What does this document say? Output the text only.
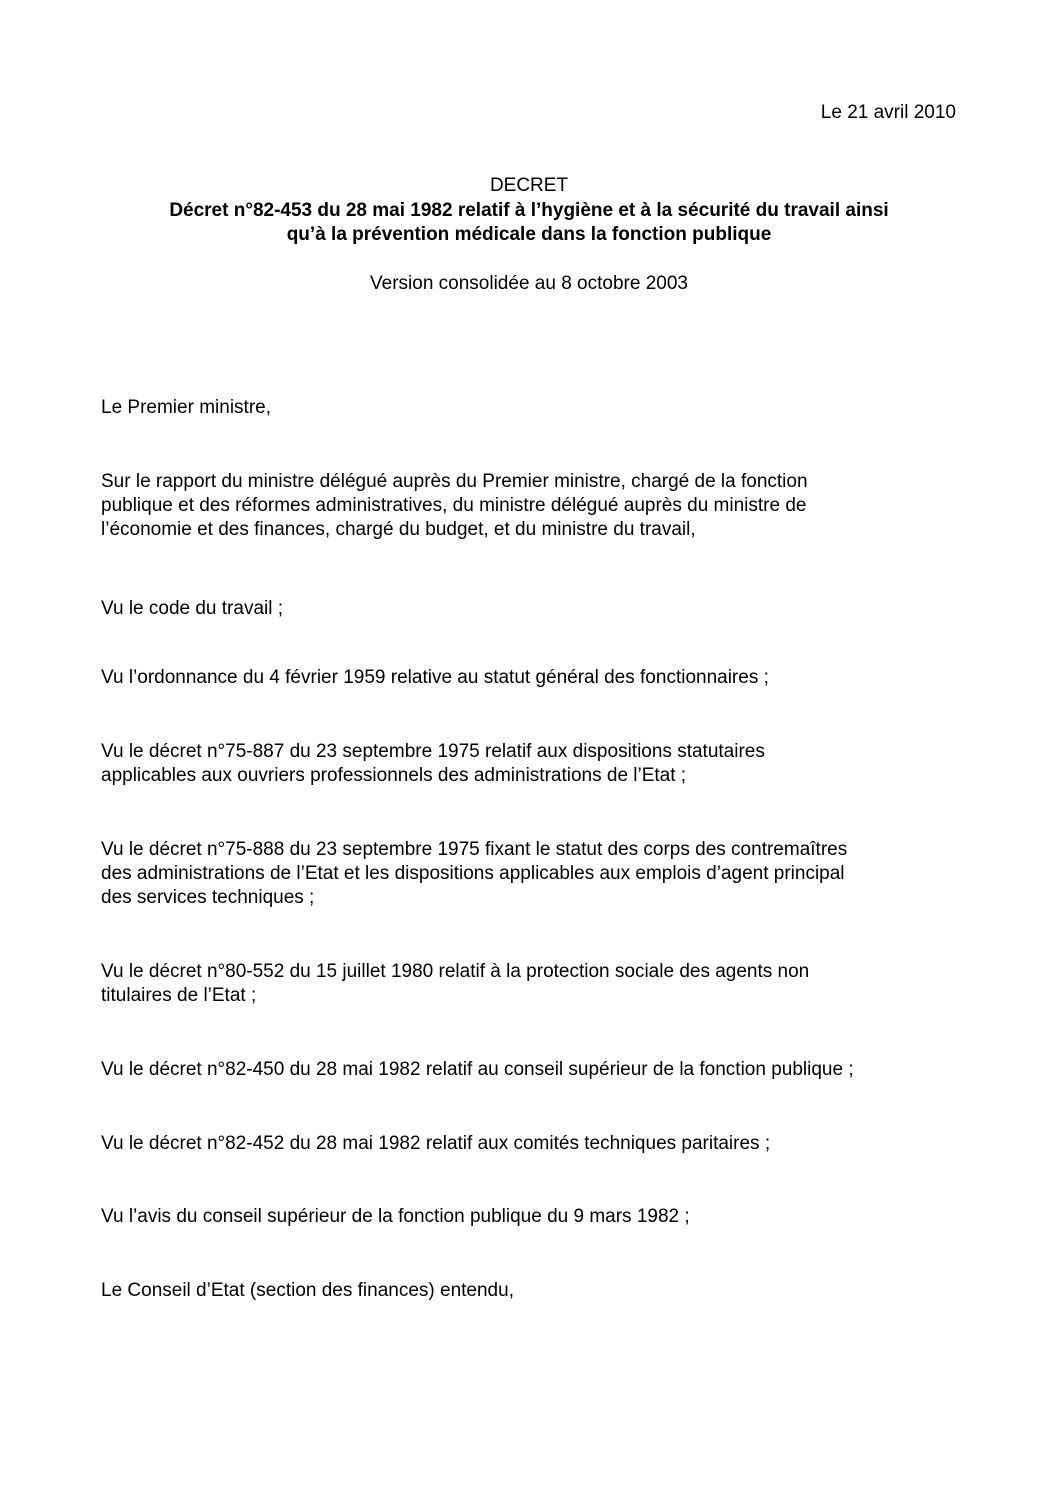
Le 21 avril 2010
DECRET
Décret n°82-453 du 28 mai 1982 relatif à l’hygiène et à la sécurité du travail ainsi
qu’à la prévention médicale dans la fonction publique
Version consolidée au 8 octobre 2003
Le Premier ministre,
Sur le rapport du ministre délégué auprès du Premier ministre, chargé de la fonction
publique et des réformes administratives, du ministre délégué auprès du ministre de
l’économie et des finances, chargé du budget, et du ministre du travail,
Vu le code du travail ;
Vu l’ordonnance du 4 février 1959 relative au statut général des fonctionnaires ;
Vu le décret n°75-887 du 23 septembre 1975 relatif aux dispositions statutaires
applicables aux ouvriers professionnels des administrations de l’Etat ;
Vu le décret n°75-888 du 23 septembre 1975 fixant le statut des corps des contremaîtres
des administrations de l’Etat et les dispositions applicables aux emplois d’agent principal
des services techniques ;
Vu le décret n°80-552 du 15 juillet 1980 relatif à la protection sociale des agents non
titulaires de l’Etat ;
Vu le décret n°82-450 du 28 mai 1982 relatif au conseil supérieur de la fonction publique ;
Vu le décret n°82-452 du 28 mai 1982 relatif aux comités techniques paritaires ;
Vu l’avis du conseil supérieur de la fonction publique du 9 mars 1982 ;
Le Conseil d’Etat (section des finances) entendu,
